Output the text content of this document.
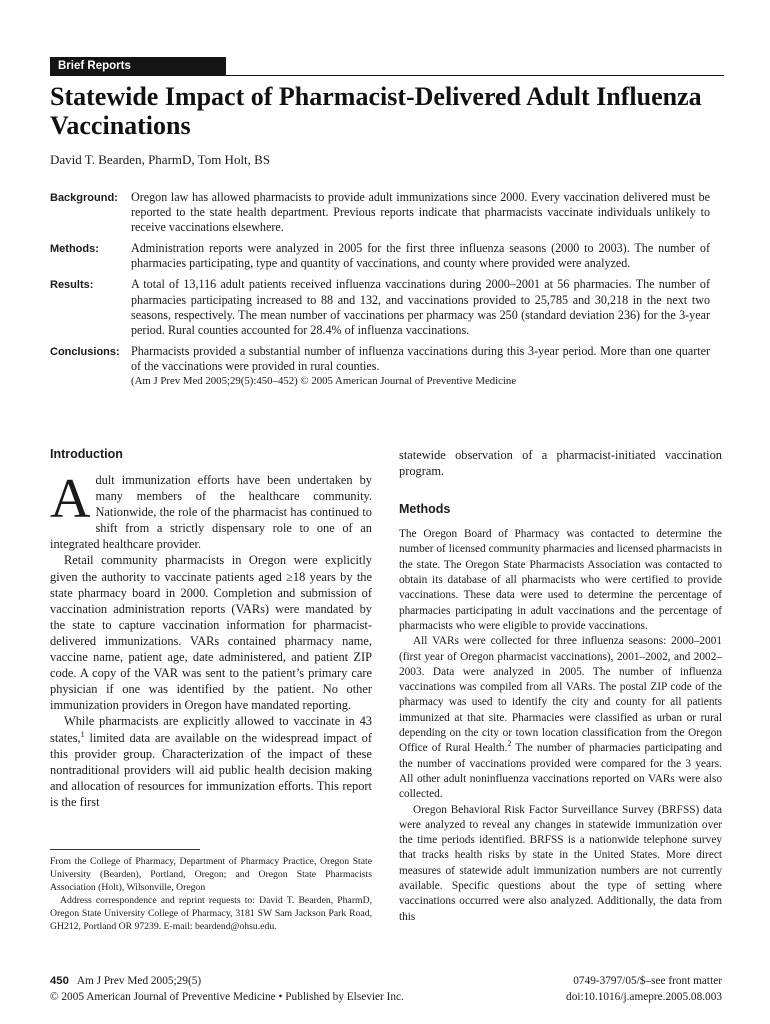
Brief Reports
Statewide Impact of Pharmacist-Delivered Adult Influenza Vaccinations
David T. Bearden, PharmD, Tom Holt, BS
Background:	Oregon law has allowed pharmacists to provide adult immunizations since 2000. Every vaccination delivered must be reported to the state health department. Previous reports indicate that pharmacists vaccinate individuals unlikely to receive vaccinations elsewhere.
Methods:	Administration reports were analyzed in 2005 for the first three influenza seasons (2000 to 2003). The number of pharmacies participating, type and quantity of vaccinations, and county where provided were analyzed.
Results:	A total of 13,116 adult patients received influenza vaccinations during 2000–2001 at 56 pharmacies. The number of pharmacies participating increased to 88 and 132, and vaccinations provided to 25,785 and 30,218 in the next two seasons, respectively. The mean number of vaccinations per pharmacy was 250 (standard deviation 236) for the 3-year period. Rural counties accounted for 28.4% of influenza vaccinations.
Conclusions: Pharmacists provided a substantial number of influenza vaccinations during this 3-year period. More than one quarter of the vaccinations were provided in rural counties.
(Am J Prev Med 2005;29(5):450–452) © 2005 American Journal of Preventive Medicine
Introduction

Adult immunization efforts have been undertaken by many members of the healthcare community. Nationwide, the role of the pharmacist has continued to shift from a strictly dispensary role to one of an integrated healthcare provider.

Retail community pharmacists in Oregon were explicitly given the authority to vaccinate patients aged ≥18 years by the state pharmacy board in 2000. Completion and submission of vaccination administration reports (VARs) were mandated by the state to capture vaccination information for pharmacist-delivered immunizations. VARs contained pharmacy name, vaccine name, patient age, date administered, and patient ZIP code. A copy of the VAR was sent to the patient’s primary care physician if one was identified by the patient. No other immunization providers in Oregon have mandated reporting.

While pharmacists are explicitly allowed to vaccinate in 43 states,$^1$ limited data are available on the widespread impact of this provider group. Characterization of the impact of these nontraditional providers will aid public health decision making and allocation of resources for immunization efforts. This report is the first

From the College of Pharmacy, Department of Pharmacy Practice, Oregon State University (Bearden), Portland, Oregon; and Oregon State Pharmacists Association (Holt), Wilsonville, Oregon

Address correspondence and reprint requests to: David T. Bearden, PharmD, Oregon State University College of Pharmacy, 3181 SW Sam Jackson Park Road, GH212, Portland OR 97239. E-mail: beardend@ohsu.edu.

statewide observation of a pharmacist-initiated vaccination program.

Methods

The Oregon Board of Pharmacy was contacted to determine the number of licensed community pharmacies and licensed pharmacists in the state. The Oregon State Pharmacists Association was contacted to obtain its database of all pharmacists who were certified to provide vaccinations. These data were used to determine the percentage of pharmacies participating in adult vaccinations and the percentage of pharmacists who were eligible to provide vaccinations.

All VARs were collected for three influenza seasons: 2000–2001 (first year of Oregon pharmacist vaccinations), 2001–2002, and 2002–2003. Data were analyzed in 2005. The number of influenza vaccinations was compiled from all VARs. The postal ZIP code of the pharmacy was used to identify the city and county for all patients immunized at that site. Pharmacies were classified as urban or rural depending on the city or town location classification from the Oregon Office of Rural Health.$^2$ The number of pharmacies participating and the number of vaccinations provided were compared for the 3 years. All other adult noninfluenza vaccinations reported on VARs were also collected.

Oregon Behavioral Risk Factor Surveillance Survey (BRFSS) data were analyzed to reveal any changes in statewide immunization over the time periods identified. BRFSS is a nationwide telephone survey that tracks health risks by state in the United States. More direct measures of statewide adult immunization numbers are not currently available. Specific questions about the type of setting where vaccinations occurred were also analyzed. Additionally, the data from this

450 Am J Prev Med 2005;29(5)
© 2005 American Journal of Preventive Medicine • Published by Elsevier Inc.
0749-3797/05/$–see front matter
doi:10.1016/j.amepre.2005.08.003
